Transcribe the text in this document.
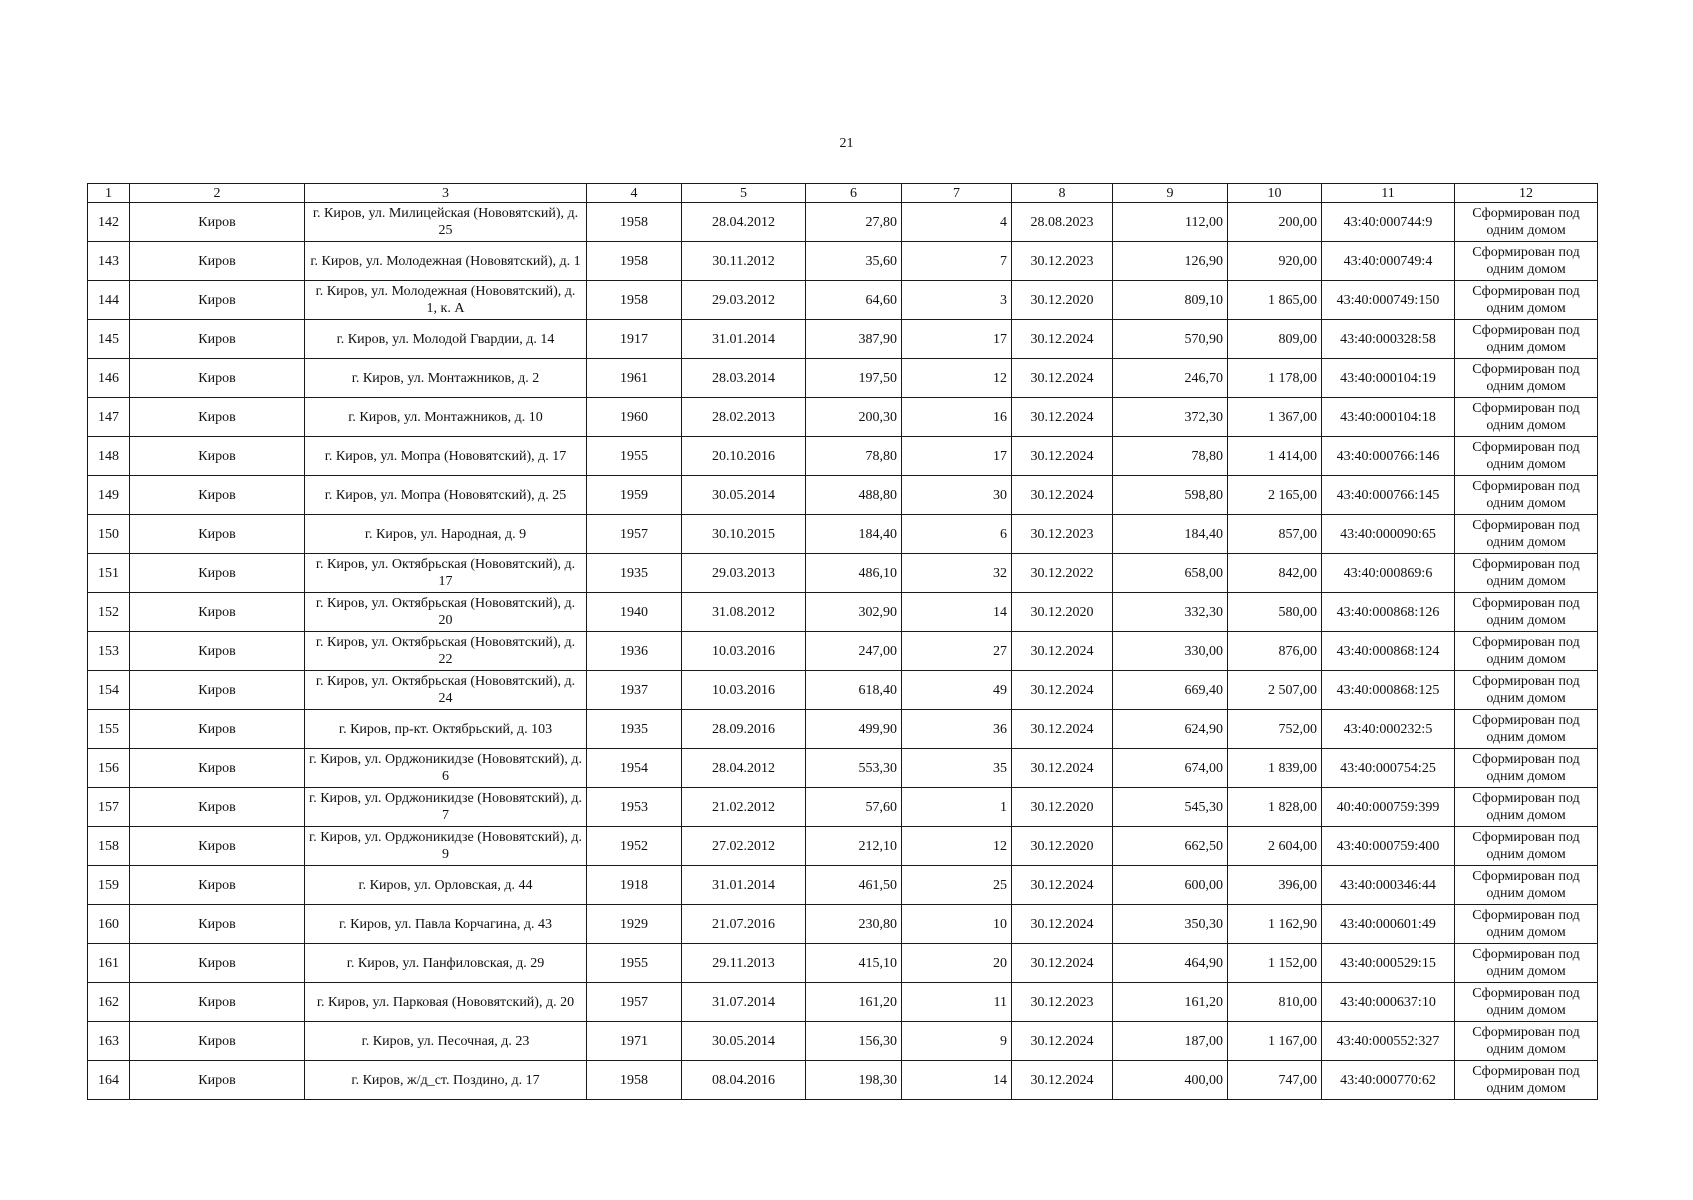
21
1	2	3	4	5	6	7	8	9	10	11	12
142	Киров	г. Киров, ул. Милицейская (Нововятский), д. 25	1958	28.04.2012	27,80	4	28.08.2023	112,00	200,00	43:40:000744:9	Сформирован под одним домом
143	Киров	г. Киров, ул. Молодежная (Нововятский), д. 1	1958	30.11.2012	35,60	7	30.12.2023	126,90	920,00	43:40:000749:4	Сформирован под одним домом
144	Киров	г. Киров, ул. Молодежная (Нововятский), д. 1, к. А	1958	29.03.2012	64,60	3	30.12.2020	809,10	1 865,00	43:40:000749:150	Сформирован под одним домом
145	Киров	г. Киров, ул. Молодой Гвардии, д. 14	1917	31.01.2014	387,90	17	30.12.2024	570,90	809,00	43:40:000328:58	Сформирован под одним домом
146	Киров	г. Киров, ул. Монтажников, д. 2	1961	28.03.2014	197,50	12	30.12.2024	246,70	1 178,00	43:40:000104:19	Сформирован под одним домом
147	Киров	г. Киров, ул. Монтажников, д. 10	1960	28.02.2013	200,30	16	30.12.2024	372,30	1 367,00	43:40:000104:18	Сформирован под одним домом
148	Киров	г. Киров, ул. Мопра (Нововятский), д. 17	1955	20.10.2016	78,80	17	30.12.2024	78,80	1 414,00	43:40:000766:146	Сформирован под одним домом
149	Киров	г. Киров, ул. Мопра (Нововятский), д. 25	1959	30.05.2014	488,80	30	30.12.2024	598,80	2 165,00	43:40:000766:145	Сформирован под одним домом
150	Киров	г. Киров, ул. Народная, д. 9	1957	30.10.2015	184,40	6	30.12.2023	184,40	857,00	43:40:000090:65	Сформирован под одним домом
151	Киров	г. Киров, ул. Октябрьская (Нововятский), д. 17	1935	29.03.2013	486,10	32	30.12.2022	658,00	842,00	43:40:000869:6	Сформирован под одним домом
152	Киров	г. Киров, ул. Октябрьская (Нововятский), д. 20	1940	31.08.2012	302,90	14	30.12.2020	332,30	580,00	43:40:000868:126	Сформирован под одним домом
153	Киров	г. Киров, ул. Октябрьская (Нововятский), д. 22	1936	10.03.2016	247,00	27	30.12.2024	330,00	876,00	43:40:000868:124	Сформирован под одним домом
154	Киров	г. Киров, ул. Октябрьская (Нововятский), д. 24	1937	10.03.2016	618,40	49	30.12.2024	669,40	2 507,00	43:40:000868:125	Сформирован под одним домом
155	Киров	г. Киров, пр-кт. Октябрьский, д. 103	1935	28.09.2016	499,90	36	30.12.2024	624,90	752,00	43:40:000232:5	Сформирован под одним домом
156	Киров	г. Киров, ул. Орджоникидзе (Нововятский), д. 6	1954	28.04.2012	553,30	35	30.12.2024	674,00	1 839,00	43:40:000754:25	Сформирован под одним домом
157	Киров	г. Киров, ул. Орджоникидзе (Нововятский), д. 7	1953	21.02.2012	57,60	1	30.12.2020	545,30	1 828,00	40:40:000759:399	Сформирован под одним домом
158	Киров	г. Киров, ул. Орджоникидзе (Нововятский), д. 9	1952	27.02.2012	212,10	12	30.12.2020	662,50	2 604,00	43:40:000759:400	Сформирован под одним домом
159	Киров	г. Киров, ул. Орловская, д. 44	1918	31.01.2014	461,50	25	30.12.2024	600,00	396,00	43:40:000346:44	Сформирован под одним домом
160	Киров	г. Киров, ул. Павла Корчагина, д. 43	1929	21.07.2016	230,80	10	30.12.2024	350,30	1 162,90	43:40:000601:49	Сформирован под одним домом
161	Киров	г. Киров, ул. Панфиловская, д. 29	1955	29.11.2013	415,10	20	30.12.2024	464,90	1 152,00	43:40:000529:15	Сформирован под одним домом
162	Киров	г. Киров, ул. Парковая (Нововятский), д. 20	1957	31.07.2014	161,20	11	30.12.2023	161,20	810,00	43:40:000637:10	Сформирован под одним домом
163	Киров	г. Киров, ул. Песочная, д. 23	1971	30.05.2014	156,30	9	30.12.2024	187,00	1 167,00	43:40:000552:327	Сформирован под одним домом
164	Киров	г. Киров, ж/д_ст. Поздино, д. 17	1958	08.04.2016	198,30	14	30.12.2024	400,00	747,00	43:40:000770:62	Сформирован под одним домом
